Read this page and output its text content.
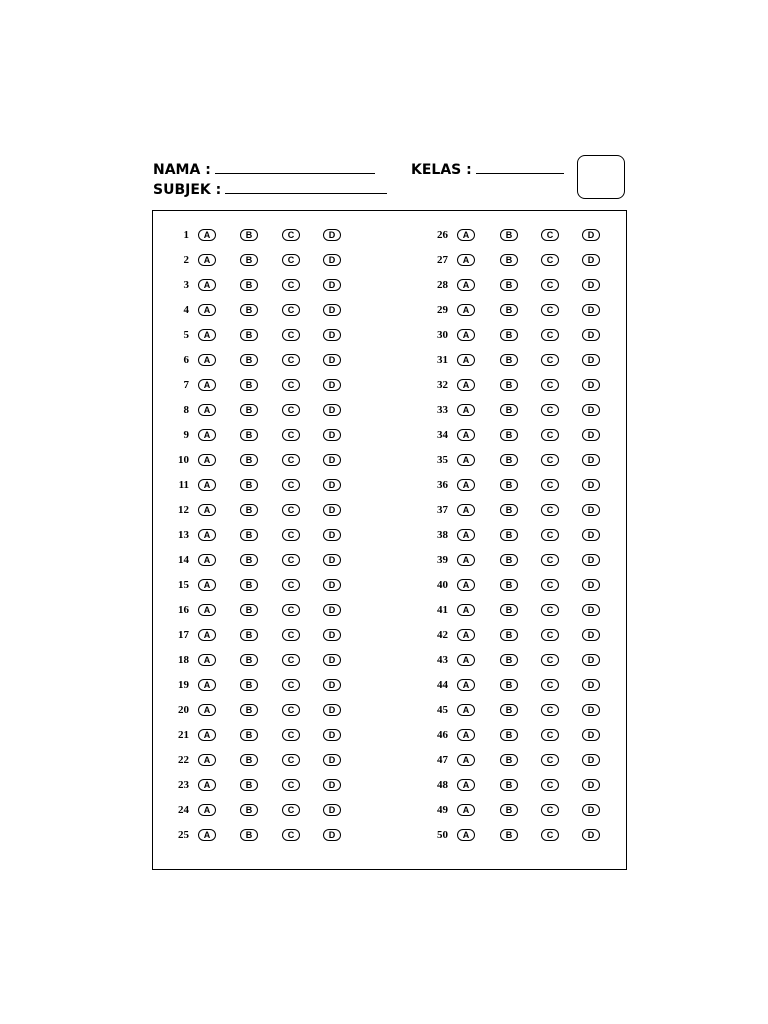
NAMA :
SUBJEK :
KELAS :
1	A	B	C	D
2	A	B	C	D
3	A	B	C	D
4	A	B	C	D
5	A	B	C	D
6	A	B	C	D
7	A	B	C	D
8	A	B	C	D
9	A	B	C	D
10	A	B	C	D
11	A	B	C	D
12	A	B	C	D
13	A	B	C	D
14	A	B	C	D
15	A	B	C	D
16	A	B	C	D
17	A	B	C	D
18	A	B	C	D
19	A	B	C	D
20	A	B	C	D
21	A	B	C	D
22	A	B	C	D
23	A	B	C	D
24	A	B	C	D
25	A	B	C	D
26	A	B	C	D
27	A	B	C	D
28	A	B	C	D
29	A	B	C	D
30	A	B	C	D
31	A	B	C	D
32	A	B	C	D
33	A	B	C	D
34	A	B	C	D
35	A	B	C	D
36	A	B	C	D
37	A	B	C	D
38	A	B	C	D
39	A	B	C	D
40	A	B	C	D
41	A	B	C	D
42	A	B	C	D
43	A	B	C	D
44	A	B	C	D
45	A	B	C	D
46	A	B	C	D
47	A	B	C	D
48	A	B	C	D
49	A	B	C	D
50	A	B	C	D
